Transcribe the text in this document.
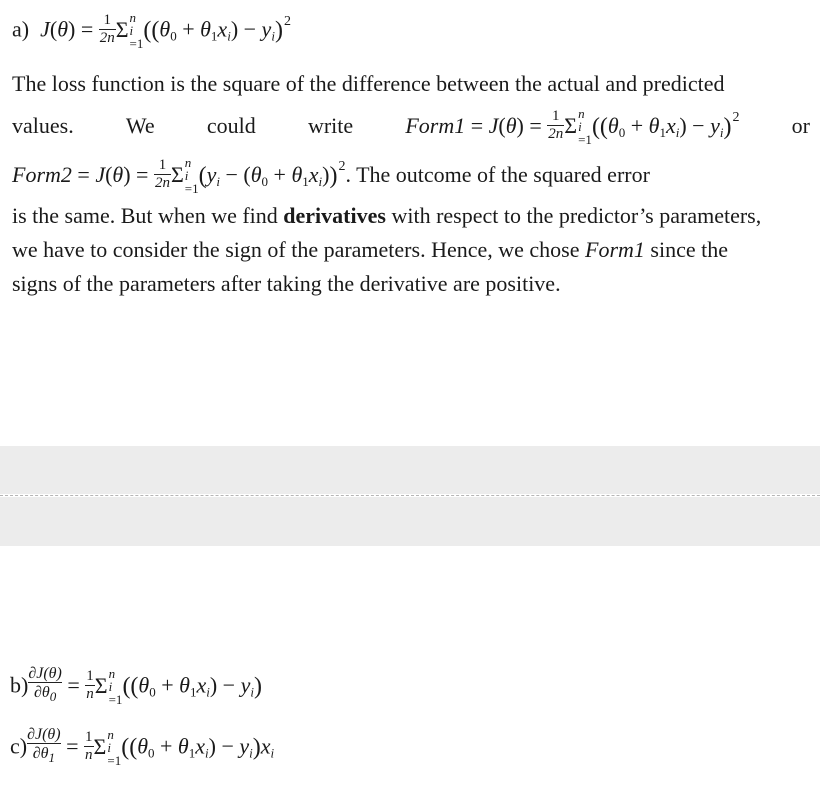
a) $J(\theta) = \frac{1}{2n}$ Σ n
i
=1 $((\theta_0 + \theta_1x_i) - y_i)^2$
The loss function is the square of the difference between the actual and predicted
values. We could write Form1 = $J(\theta) = \frac{1}{2n}$ Σ n
i
=1 $((\theta_0 + \theta_1x_i) - y_i)^2$ or
Form2 = $J(\theta) = \frac{1}{2n}$ Σ n
i
=1 $(y_i - (\theta_0 + \theta_1x_i))^2$. The outcome of the squared error
is the same. But when we find derivatives with respect to the predictor’s parameters,
we have to consider the sign of the parameters. Hence, we chose Form1 since the
signs of the parameters after taking the derivative are positive.
$b) \frac{\partial J(\theta)}{\partial\theta_0} = \frac{1}{n}$ Σ n
i
=1 $((\theta_0 + \theta_1x_i) - y_i)$
$c) \frac{\partial J(\theta)}{\partial\theta_1} = \frac{1}{n}$ Σ n
i
=1 $((\theta_0 + \theta_1x_i) - y_i)x_i$
